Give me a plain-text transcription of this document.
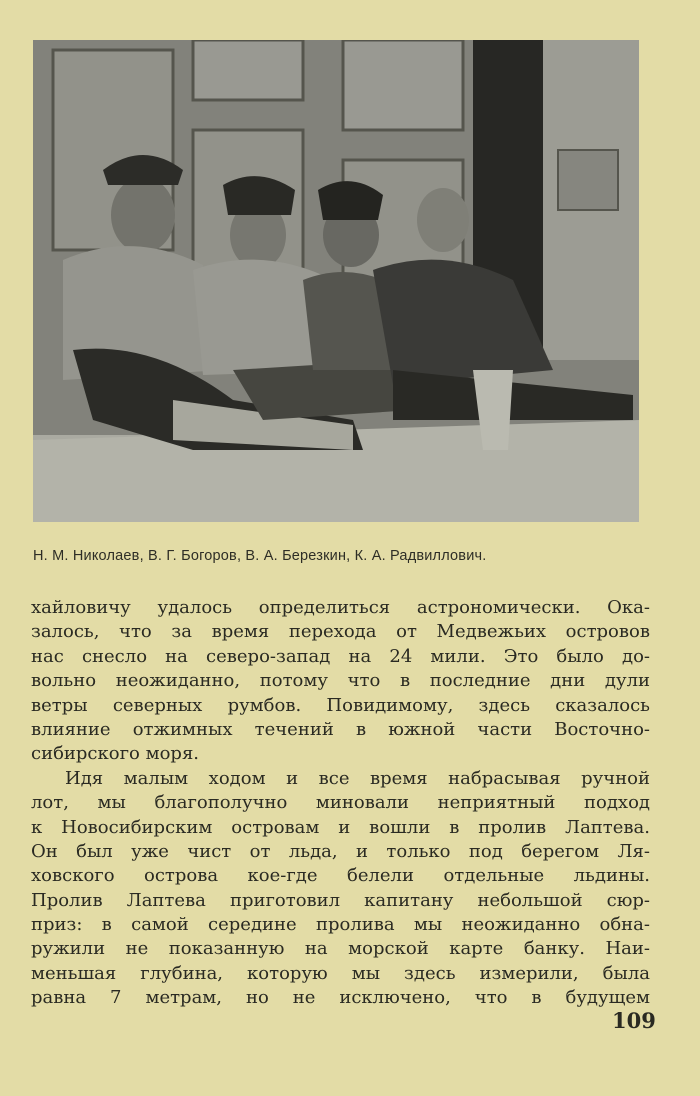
Н. М. Николаев, В. Г. Богоров, В. А. Березкин, К. А. Радвиллович.
хайловичу удалось определиться астрономически. Ока-
залось, что за время перехода от Медвежьих островов
нас снесло на северо-запад на 24 мили. Это было до-
вольно неожиданно, потому что в последние дни дули
ветры северных румбов. Повидимому, здесь сказалось
влияние отжимных течений в южной части Восточно-
сибирского моря.
Идя малым ходом и все время набрасывая ручной
лот, мы благополучно миновали неприятный подход
к Новосибирским островам и вошли в пролив Лаптева.
Он был уже чист от льда, и только под берегом Ля-
ховского острова кое-где белели отдельные льдины.
Пролив Лаптева приготовил капитану небольшой сюр-
приз: в самой середине пролива мы неожиданно обна-
ружили не показанную на морской карте банку. Наи-
меньшая глубина, которую мы здесь измерили, была
равна 7 метрам, но не исключено, что в будущем
109
